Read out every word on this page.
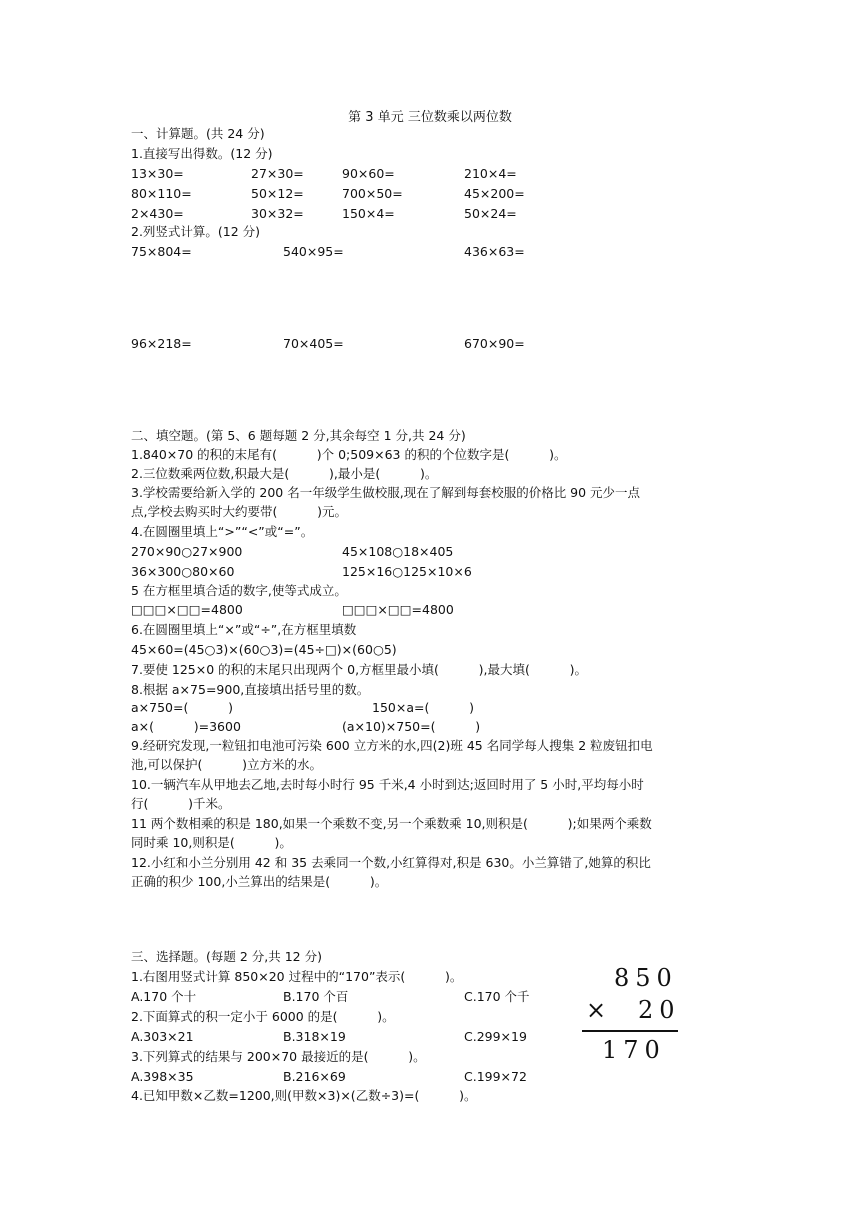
第 3 单元 三位数乘以两位数
一、计算题。(共 24 分)
1.直接写出得数。(12 分)
13×30=	27×30=	90×60=	210×4=
80×110=	50×12=	700×50=	45×200=
2×430=	30×32=	150×4=	50×24=
2.列竖式计算。(12 分)
75×804=	540×95=	436×63=
96×218=	70×405=	670×90=
二、填空题。(第 5、6 题每题 2 分,其余每空 1 分,共 24 分)
1.840×70 的积的末尾有(          )个 0;509×63 的积的个位数字是(          )。
2.三位数乘两位数,积最大是(          ),最小是(          )。
3.学校需要给新入学的 200 名一年级学生做校服,现在了解到每套校服的价格比 90 元少一点
点,学校去购买时大约要带(          )元。
4.在圆圈里填上“>”“<”或“=”。
270×90○27×900	45×108○18×405
36×300○80×60	125×16○125×10×6
5 在方框里填合适的数字,使等式成立。
□□□×□□=4800	□□□×□□=4800
6.在圆圈里填上“×”或“÷”,在方框里填数
45×60=(45○3)×(60○3)=(45÷□)×(60○5)
7.要使 125×0 的积的末尾只出现两个 0,方框里最小填(          ),最大填(          )。
8.根据 a×75=900,直接填出括号里的数。
a×750=(          )	150×a=(          )
a×(          )=3600	(a×10)×750=(          )
9.经研究发现,一粒钮扣电池可污染 600 立方米的水,四(2)班 45 名同学每人搜集 2 粒废钮扣电
池,可以保护(          )立方米的水。
10.一辆汽车从甲地去乙地,去时每小时行 95 千米,4 小时到达;返回时用了 5 小时,平均每小时
行(          )千米。
11 两个数相乘的积是 180,如果一个乘数不变,另一个乘数乘 10,则积是(          );如果两个乘数
同时乘 10,则积是(          )。
12.小红和小兰分别用 42 和 35 去乘同一个数,小红算得对,积是 630。小兰算错了,她算的积比
正确的积少 100,小兰算出的结果是(          )。
三、选择题。(每题 2 分,共 12 分)
1.右图用竖式计算 850×20 过程中的“170”表示(          )。
A.170 个十	B.170 个百	C.170 个千
2.下面算式的积一定小于 6000 的是(          )。
A.303×21	B.318×19	C.299×19
3.下列算式的结果与 200×70 最接近的是(          )。
A.398×35	B.216×69	C.199×72
4.已知甲数×乙数=1200,则(甲数×3)×(乙数÷3)=(          )。
850
× 20
170
